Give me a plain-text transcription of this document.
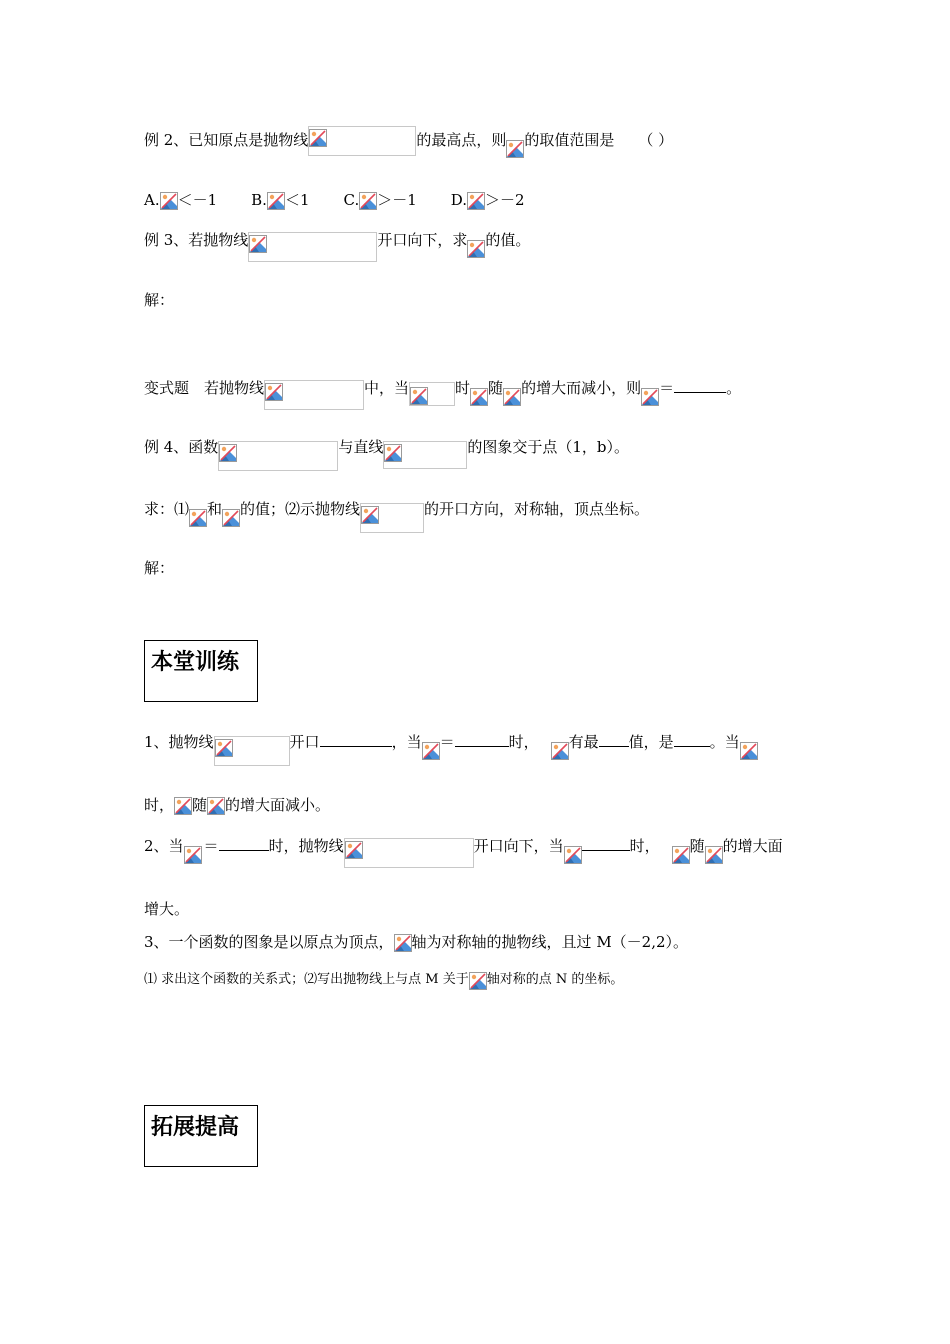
例 2、已知原点是抛物线	的最高点，则 的取值范围是 （ ）
A. ＜－1 B. ＜1 C. ＞－1 D. ＞－2
例 3、若抛物线	开口向下，求 的值。
解：
变式题　若抛物线	中，当	时 随 的增大而减小，则 ＝	。
例 4、函数	与直线	的图象交于点（1，b）。
求：⑴ 和 的值；⑵示抛物线	的开口方向，对称轴，顶点坐标。
解：
本堂训练
1、抛物线	开口	，当 ＝	时， 有最 值，是 。当
时， 随 的增大面减小。
2、当 ＝	时，抛物线	开口向下，当	时， 随 的增大面
增大。
3、一个函数的图象是以原点为顶点， 轴为对称轴的抛物线，且过 M（－2,2）。
⑴ 求出这个函数的关系式；⑵写出抛物线上与点 M 关于 轴对称的点 N 的坐标。
拓展提高
